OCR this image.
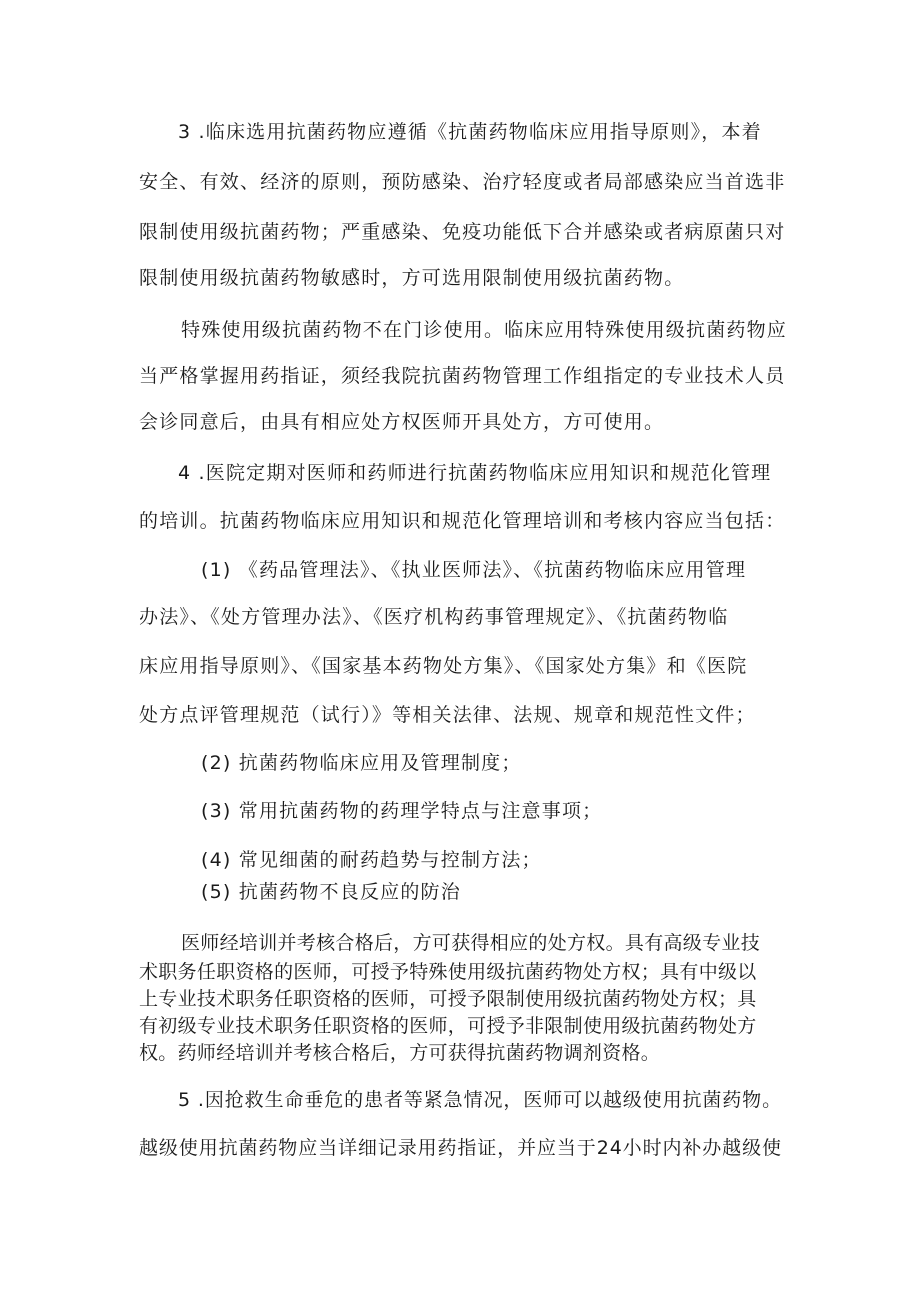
3 .临床选用抗菌药物应遵循《抗菌药物临床应用指导原则》，本着
安全、有效、经济的原则，预防感染、治疗轻度或者局部感染应当首选非
限制使用级抗菌药物；严重感染、免疫功能低下合并感染或者病原菌只对
限制使用级抗菌药物敏感时，方可选用限制使用级抗菌药物。
特殊使用级抗菌药物不在门诊使用。临床应用特殊使用级抗菌药物应
当严格掌握用药指证，须经我院抗菌药物管理工作组指定的专业技术人员
会诊同意后，由具有相应处方权医师开具处方，方可使用。
4 .医院定期对医师和药师进行抗菌药物临床应用知识和规范化管理
的培训。抗菌药物临床应用知识和规范化管理培训和考核内容应当包括：
(1) 《药品管理法》、《执业医师法》、《抗菌药物临床应用管理
办法》、《处方管理办法》、《医疗机构药事管理规定》、《抗菌药物临
床应用指导原则》、《国家基本药物处方集》、《国家处方集》和《医院
处方点评管理规范（试行）》等相关法律、法规、规章和规范性文件；
(2) 抗菌药物临床应用及管理制度；
(3) 常用抗菌药物的药理学特点与注意事项；
(4) 常见细菌的耐药趋势与控制方法；
(5) 抗菌药物不良反应的防治
医师经培训并考核合格后，方可获得相应的处方权。具有高级专业技
术职务任职资格的医师，可授予特殊使用级抗菌药物处方权；具有中级以
上专业技术职务任职资格的医师，可授予限制使用级抗菌药物处方权；具
有初级专业技术职务任职资格的医师，可授予非限制使用级抗菌药物处方
权。药师经培训并考核合格后，方可获得抗菌药物调剂资格。
5 .因抢救生命垂危的患者等紧急情况，医师可以越级使用抗菌药物。
越级使用抗菌药物应当详细记录用药指证，并应当于24小时内补办越级使
